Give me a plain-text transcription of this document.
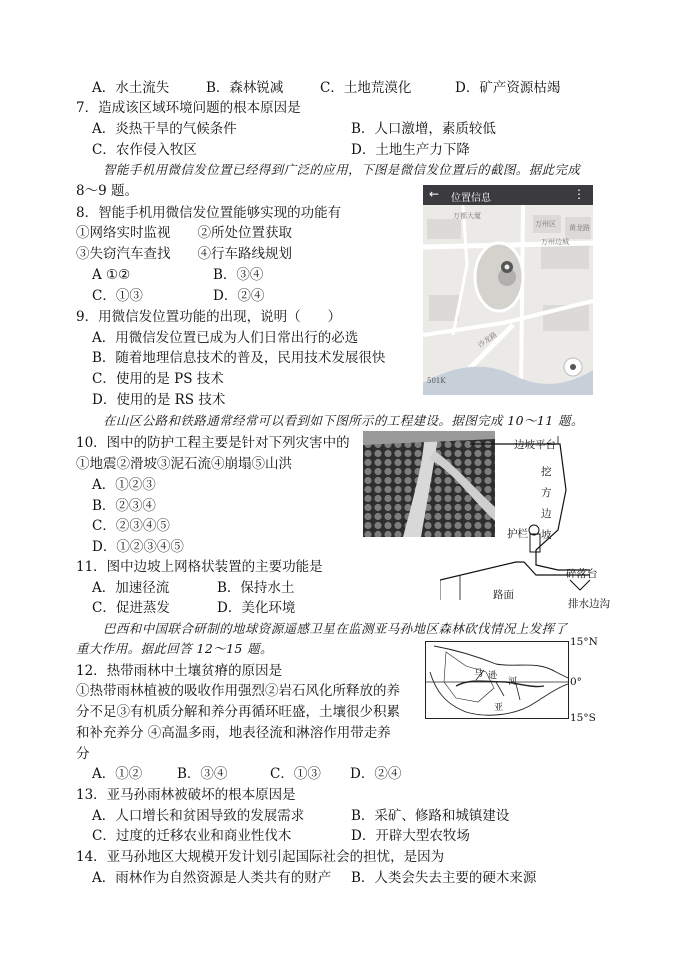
A．水土流失	B．森林锐减	C．土地荒漠化	D．矿产资源枯竭
7．造成该区域环境问题的根本原因是
A．炎热干旱的气候条件	B．人口激增，素质较低
C．农作侵入牧区	D．土地生产力下降
智能手机用微信发位置已经得到广泛的应用，下图是微信发位置后的截图。据此完成
8～9 题。
8．智能手机用微信发位置能够实现的功能有
①网络实时监视　　②所处位置获取
③失窃汽车查找　　④行车路线规划
A ①②	B．③④
C．①③	D．②④
9．用微信发位置功能的出现，说明（　　）
A．用微信发位置已成为人们日常出行的必选
B．随着地理信息技术的普及，民用技术发展很快
C．使用的是 PS 技术
D．使用的是 RS 技术
← 位置信息	⋮
万都大厦
万州区
万州边城
黄龙路
沙龙路
501K
在山区公路和铁路通常经常可以看到如下图所示的工程建设。据图完成 10～11 题。
10．图中的防护工程主要是针对下列灾害中的
①地震②滑坡③泥石流④崩塌⑤山洪
A．①②③
B．②③④
C．②③④⑤
D．①②③④⑤
边坡平台
挖
方
边
坡
护栏
碎落台
路面
排水边沟
11．图中边坡上网格状装置的主要功能是
A．加速径流	B．保持水土
C．促进蒸发	D．美化环境
巴西和中国联合研制的地球资源遥感卫星在监测亚马孙地区森林砍伐情况上发挥了
重大作用。据此回答 12～15 题。
马 逊
河
亚
15°N
0°
15°S
12．热带雨林中土壤贫瘠的原因是
①热带雨林植被的吸收作用强烈②岩石风化所释放的养
分不足③有机质分解和养分再循环旺盛，土壤很少积累
和补充养分 ④高温多雨，地表径流和淋溶作用带走养
分
A．①②	B．③④	C．①③ D．②④
13．亚马孙雨林被破坏的根本原因是
A．人口增长和贫困导致的发展需求	B．采矿、修路和城镇建设
C．过度的迁移农业和商业性伐木	D．开辟大型农牧场
14．亚马孙地区大规模开发计划引起国际社会的担忧，是因为
A．雨林作为自然资源是人类共有的财产 B．人类会失去主要的硬木来源
